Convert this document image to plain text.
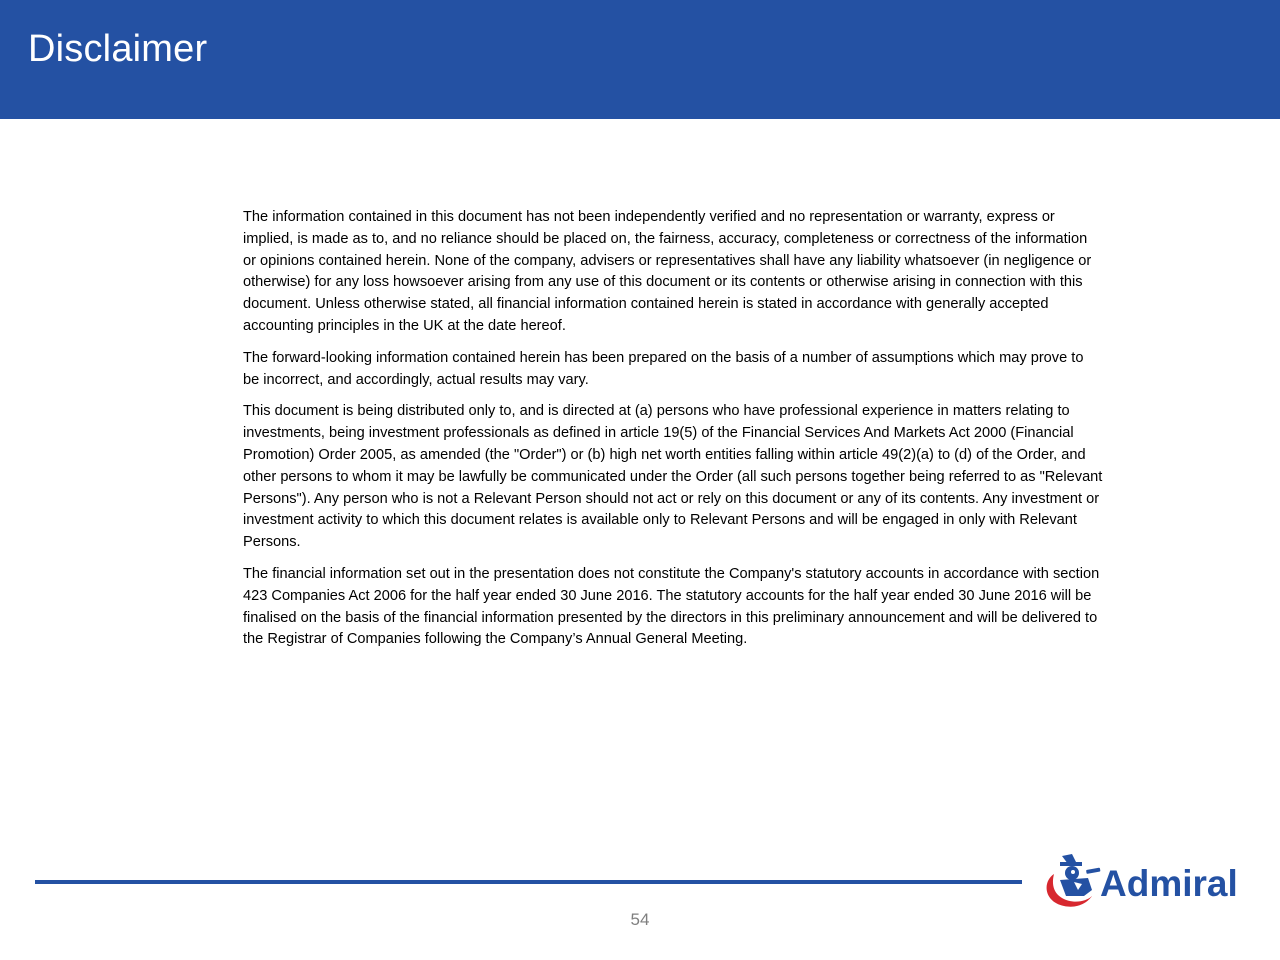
Disclaimer

The information contained in this document has not been independently verified and no representation or warranty, express or implied, is made as to, and no reliance should be placed on, the fairness, accuracy, completeness or correctness of the information or opinions contained herein. None of the company, advisers or representatives shall have any liability whatsoever (in negligence or otherwise) for any loss howsoever arising from any use of this document or its contents or otherwise arising in connection with this document. Unless otherwise stated, all financial information contained herein is stated in accordance with generally accepted accounting principles in the UK at the date hereof.

The forward-looking information contained herein has been prepared on the basis of a number of assumptions which may prove to be incorrect, and accordingly, actual results may vary.

This document is being distributed only to, and is directed at (a) persons who have professional experience in matters relating to investments, being investment professionals as defined in article 19(5) of the Financial Services And Markets Act 2000 (Financial Promotion) Order 2005, as amended (the "Order") or (b) high net worth entities falling within article 49(2)(a) to (d) of the Order, and other persons to whom it may be lawfully be communicated under the Order (all such persons together being referred to as "Relevant Persons"). Any person who is not a Relevant Person should not act or rely on this document or any of its contents. Any investment or investment activity to which this document relates is available only to Relevant Persons and will be engaged in only with Relevant Persons.

The financial information set out in the presentation does not constitute the Company's statutory accounts in accordance with section 423 Companies Act 2006 for the half year ended 30 June 2016. The statutory accounts for the half year ended 30 June 2016 will be finalised on the basis of the financial information presented by the directors in this preliminary announcement and will be delivered to the Registrar of Companies following the Company’s Annual General Meeting.

54
Admiral
